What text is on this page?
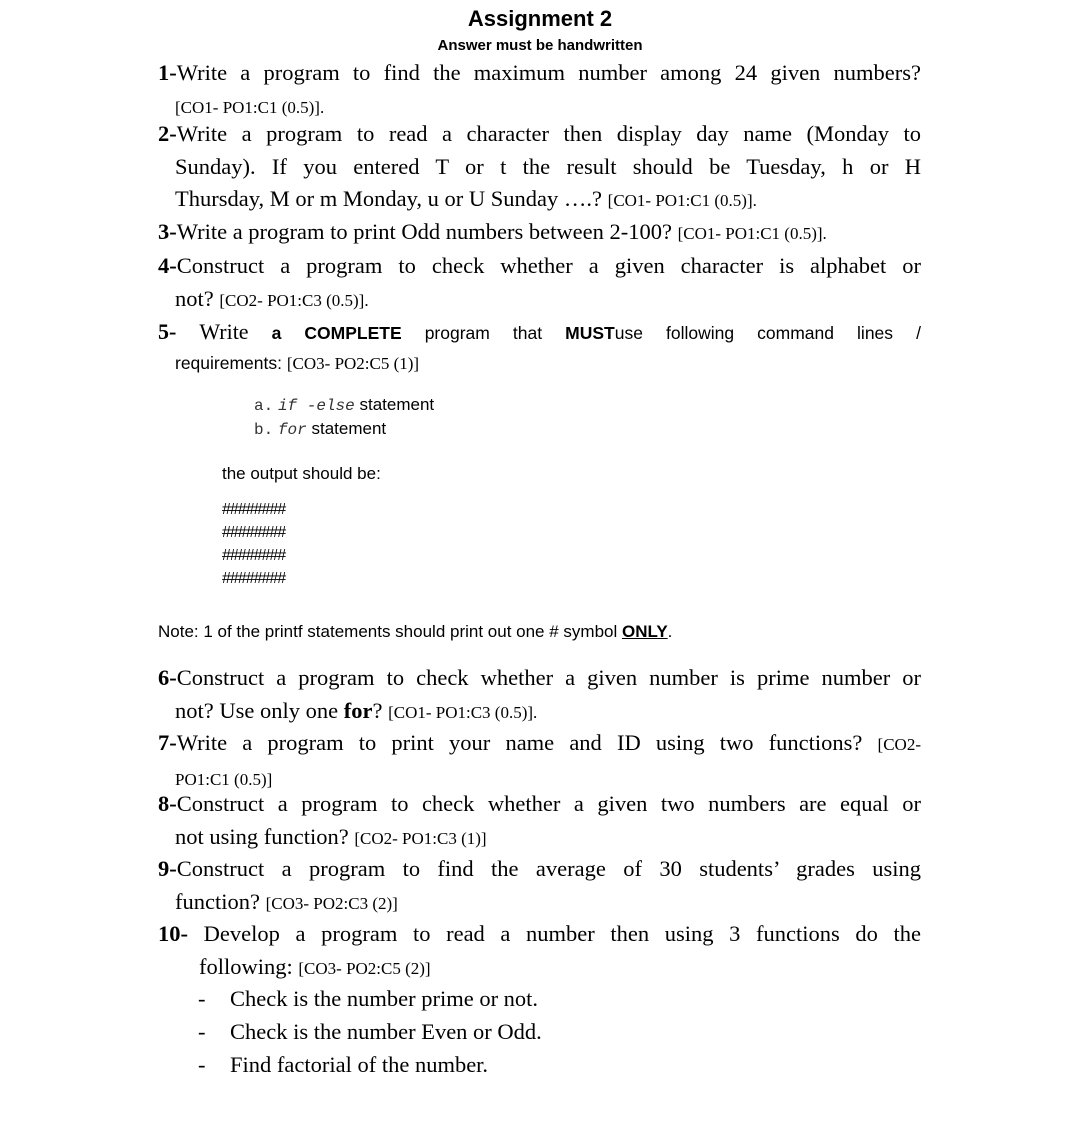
Assignment 2
Answer must be handwritten
1-Write a program to find the maximum number among 24 given numbers?
[CO1- PO1:C1 (0.5)].
2-Write a program to read a character then display day name (Monday to
Sunday). If you entered T or t the result should be Tuesday, h or H
Thursday, M or m Monday, u or U Sunday ….? [CO1- PO1:C1 (0.5)].
3-Write a program to print Odd numbers between 2-100? [CO1- PO1:C1 (0.5)].
4-Construct a program to check whether a given character is alphabet or
not? [CO2- PO1:C3 (0.5)].
5- Write a COMPLETE program that MUSTuse following command lines /
requirements: [CO3- PO2:C5 (1)]
a. if -else statement
b. for statement
the output should be:
########
########
########
########
Note: 1 of the printf statements should print out one # symbol ONLY.
6-Construct a program to check whether a given number is prime number or
not? Use only one for? [CO1- PO1:C3 (0.5)].
7-Write a program to print your name and ID using two functions? [CO2-
PO1:C1 (0.5)]
8-Construct a program to check whether a given two numbers are equal or
not using function? [CO2- PO1:C3 (1)]
9-Construct a program to find the average of 30 students’ grades using
function? [CO3- PO2:C3 (2)]
10- Develop a program to read a number then using 3 functions do the
following: [CO3- PO2:C5 (2)]
- Check is the number prime or not.
- Check is the number Even or Odd.
- Find factorial of the number.
